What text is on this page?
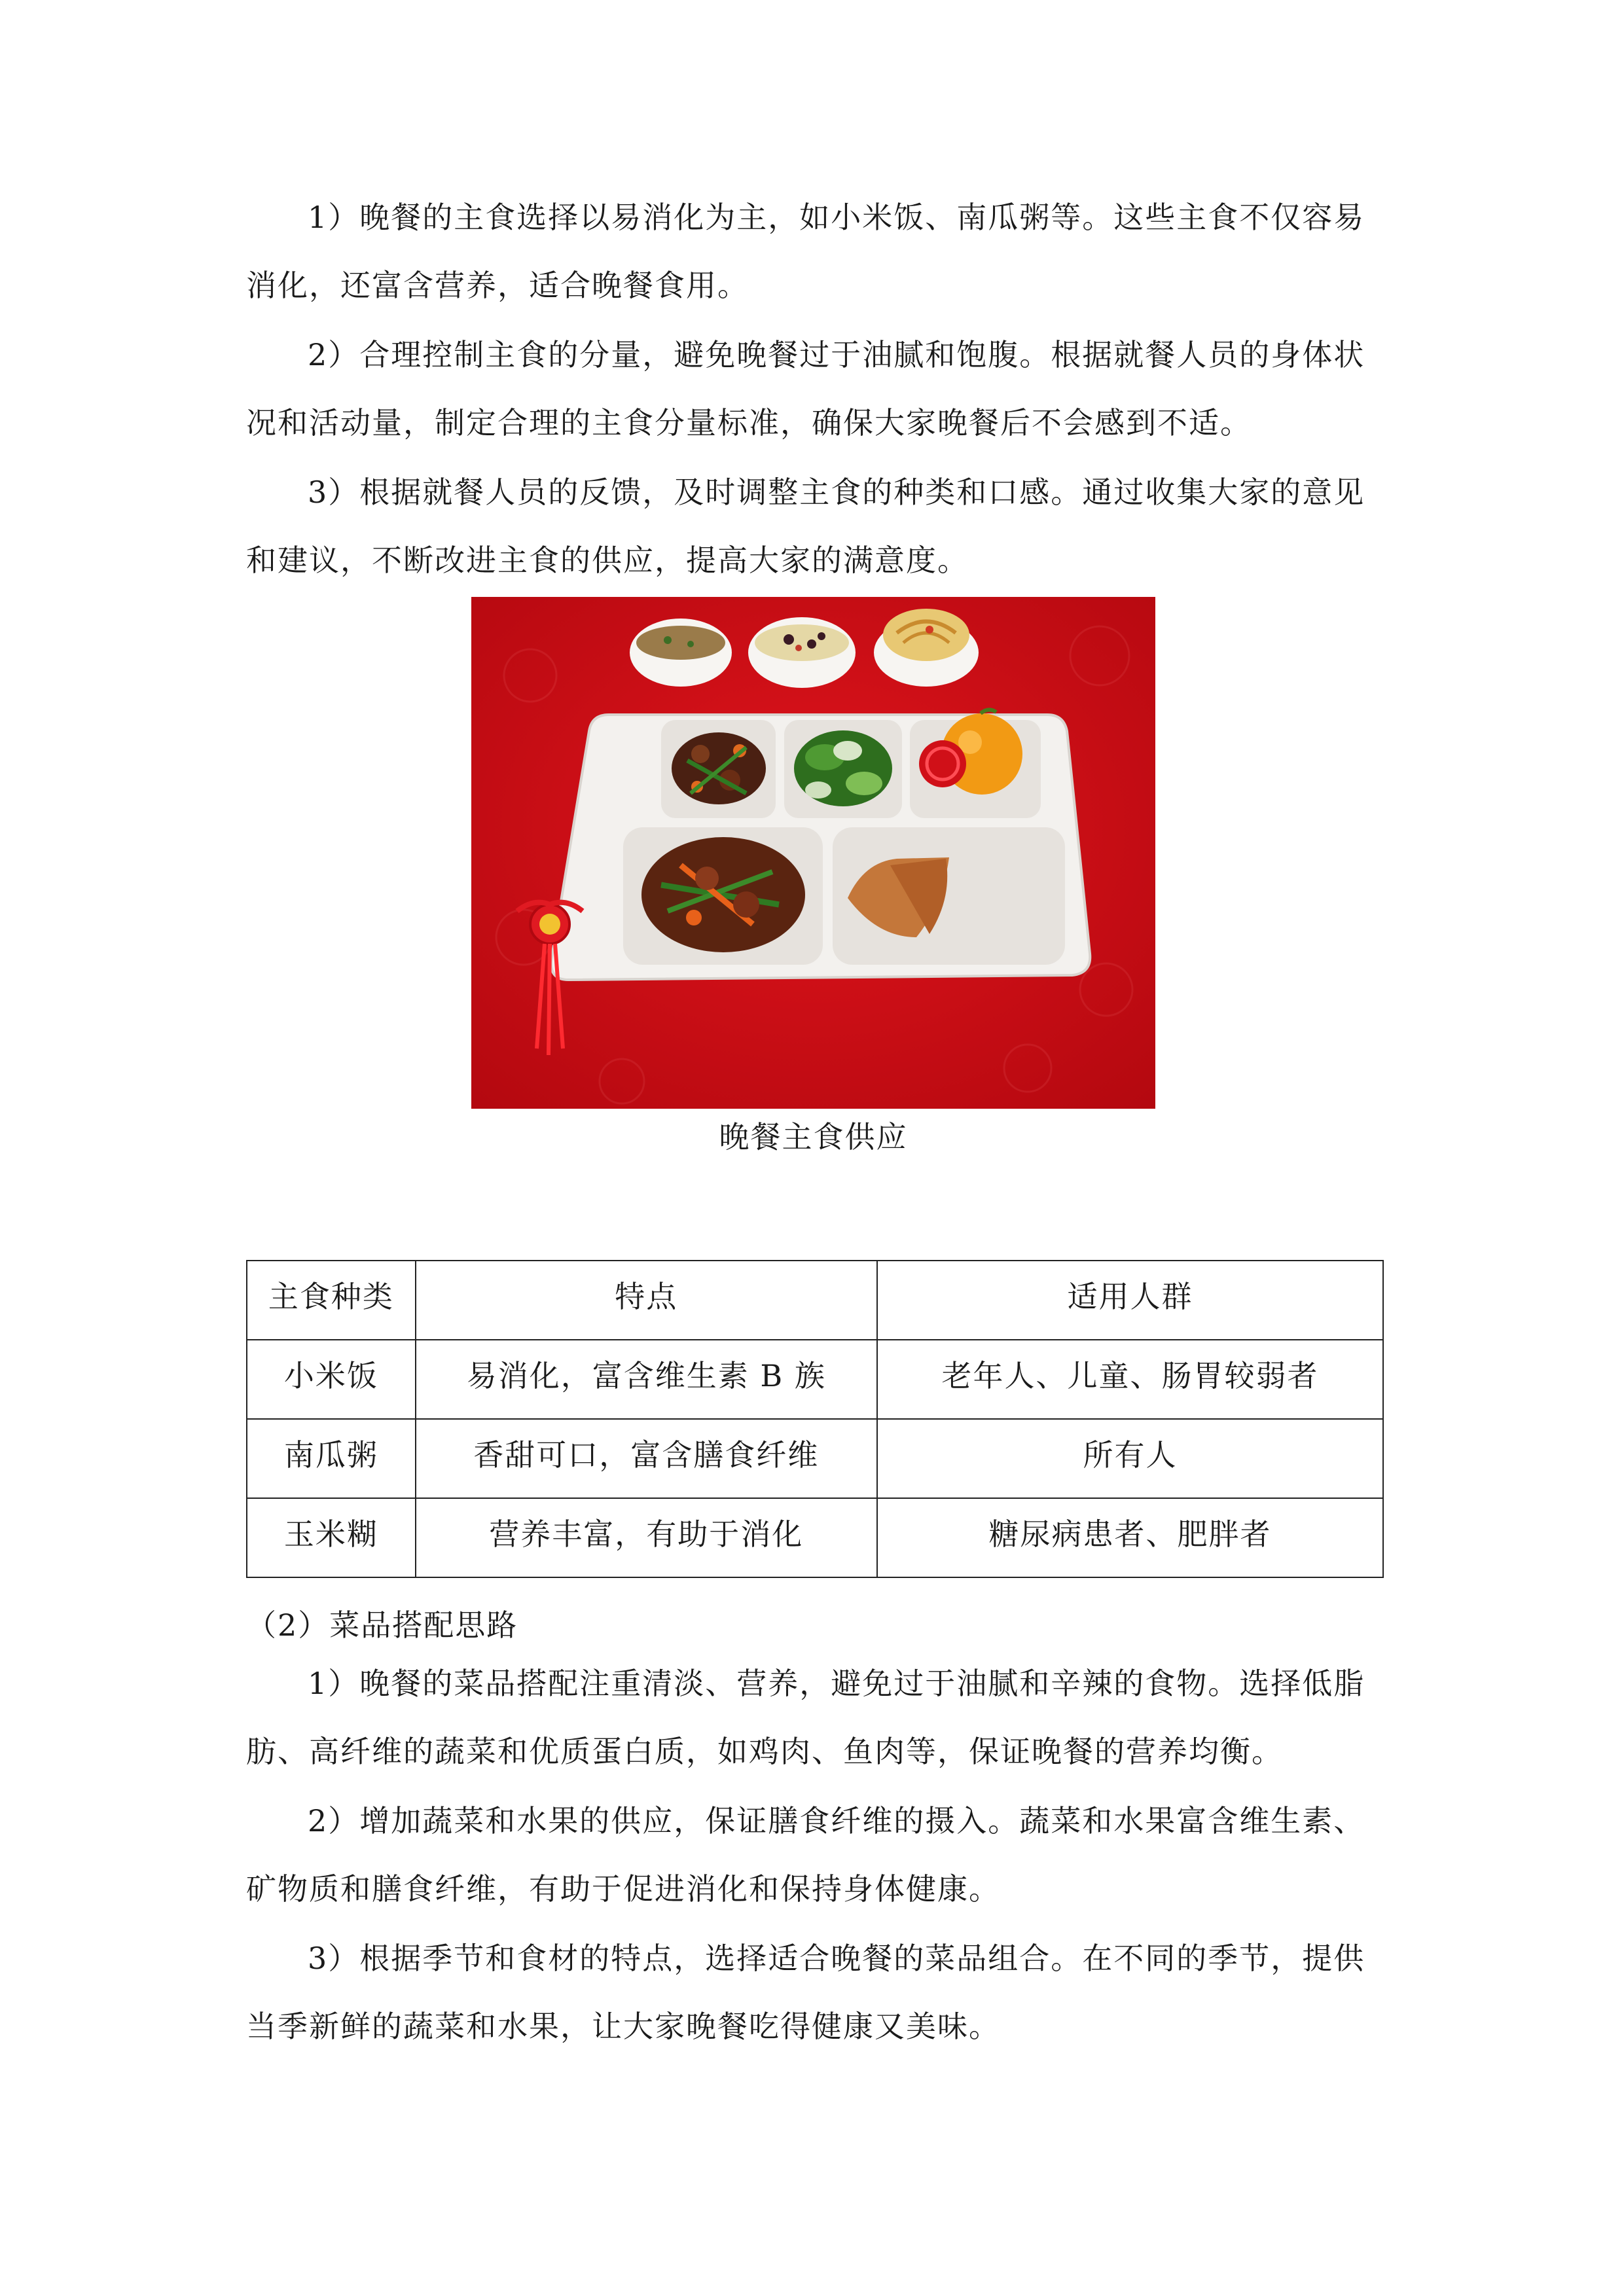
1）晚餐的主食选择以易消化为主，如小米饭、南瓜粥等。这些主食不仅容易消化，还富含营养，适合晚餐食用。

2）合理控制主食的分量，避免晚餐过于油腻和饱腹。根据就餐人员的身体状况和活动量，制定合理的主食分量标准，确保大家晚餐后不会感到不适。

3）根据就餐人员的反馈，及时调整主食的种类和口感。通过收集大家的意见和建议，不断改进主食的供应，提高大家的满意度。

晚餐主食供应
主食种类	特点	适用人群
小米饭	易消化，富含维生素 B 族	老年人、儿童、肠胃较弱者
南瓜粥	香甜可口，富含膳食纤维	所有人
玉米糊	营养丰富，有助于消化	糖尿病患者、肥胖者

（2）菜品搭配思路

1）晚餐的菜品搭配注重清淡、营养，避免过于油腻和辛辣的食物。选择低脂肪、高纤维的蔬菜和优质蛋白质，如鸡肉、鱼肉等，保证晚餐的营养均衡。

2）增加蔬菜和水果的供应，保证膳食纤维的摄入。蔬菜和水果富含维生素、矿物质和膳食纤维，有助于促进消化和保持身体健康。

3）根据季节和食材的特点，选择适合晚餐的菜品组合。在不同的季节，提供当季新鲜的蔬菜和水果，让大家晚餐吃得健康又美味。
